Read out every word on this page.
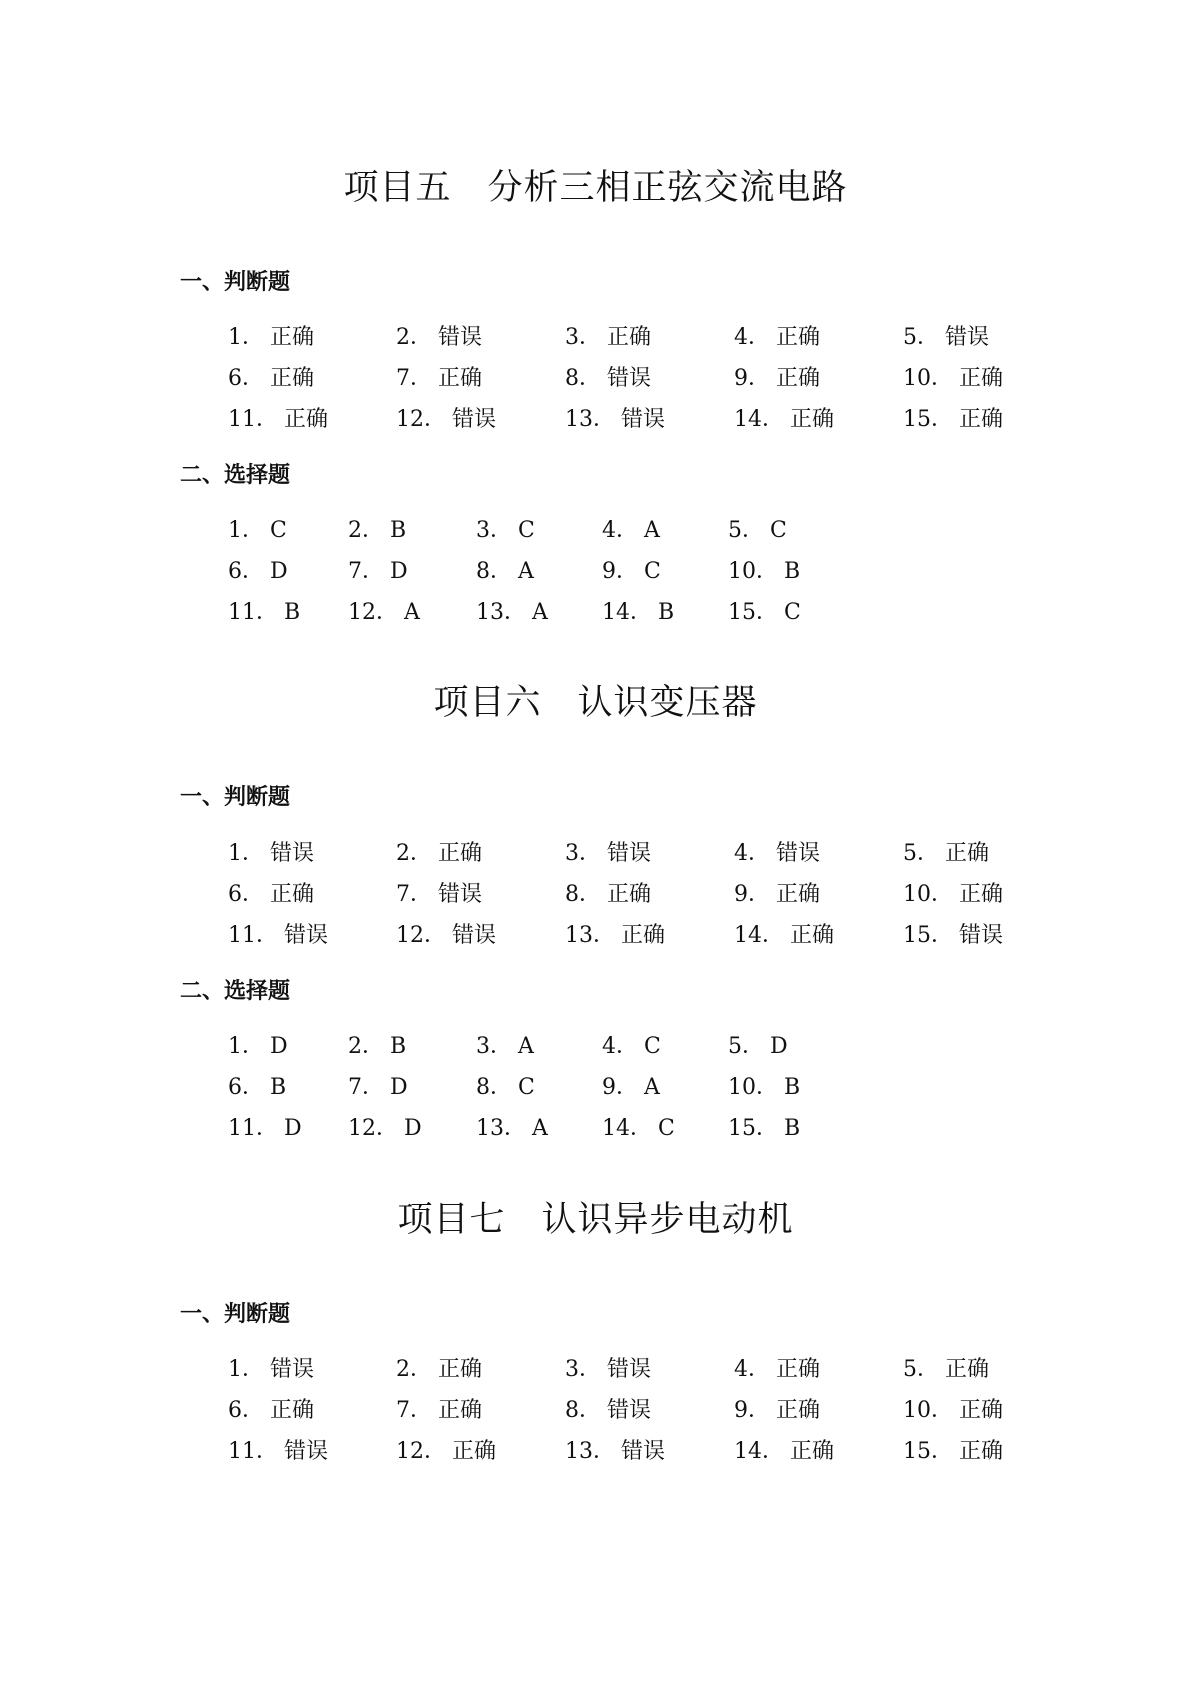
项目五　分析三相正弦交流电路
一、判断题
1． 正确	2． 错误	3． 正确	4． 正确	5． 错误
6． 正确	7． 正确	8． 错误	9． 正确	10． 正确
11． 正确	12． 错误	13． 错误	14． 正确	15． 正确
二、选择题
1． C	2． B	3． C	4． A	5． C
6． D	7． D	8． A	9． C	10． B
11． B 12． A	13． A 14． B 15． C
项目六　认识变压器
一、判断题
1． 错误	2． 正确	3． 错误	4． 错误	5． 正确
6． 正确	7． 错误	8． 正确	9． 正确	10． 正确
11． 错误	12． 错误	13． 正确	14． 正确	15． 错误
二、选择题
1． D	2． B	3． A	4． C	5． D
6． B	7． D	8． C	9． A	10． B
11． D 12． D 13． A 14． C 15． B
项目七　认识异步电动机
一、判断题
1． 错误	2． 正确	3． 错误	4． 正确	5． 正确
6． 正确	7． 正确	8． 错误	9． 正确	10． 正确
11． 错误	12． 正确	13． 错误	14． 正确	15． 正确
